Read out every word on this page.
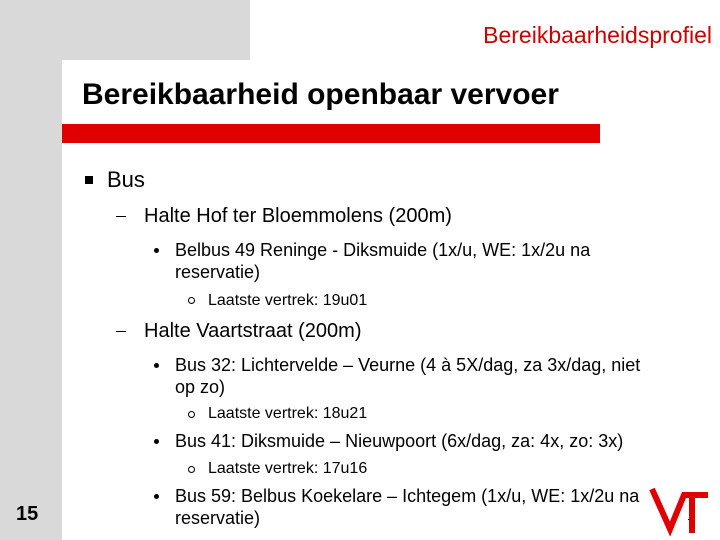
Bereikbaarheidsprofiel
Bereikbaarheid openbaar vervoer
Bus
Halte Hof ter Bloemmolens (200m)
Belbus 49 Reninge - Diksmuide (1x/u, WE: 1x/2u na
reservatie)
Laatste vertrek: 19u01
Halte Vaartstraat (200m)
Bus 32: Lichtervelde – Veurne (4 à 5X/dag, za 3x/dag, niet
op zo)
Laatste vertrek: 18u21
Bus 41: Diksmuide – Nieuwpoort (6x/dag, za: 4x, zo: 3x)
Laatste vertrek: 17u16
Bus 59: Belbus Koekelare – Ichtegem (1x/u, WE: 1x/2u na
reservatie)
15
